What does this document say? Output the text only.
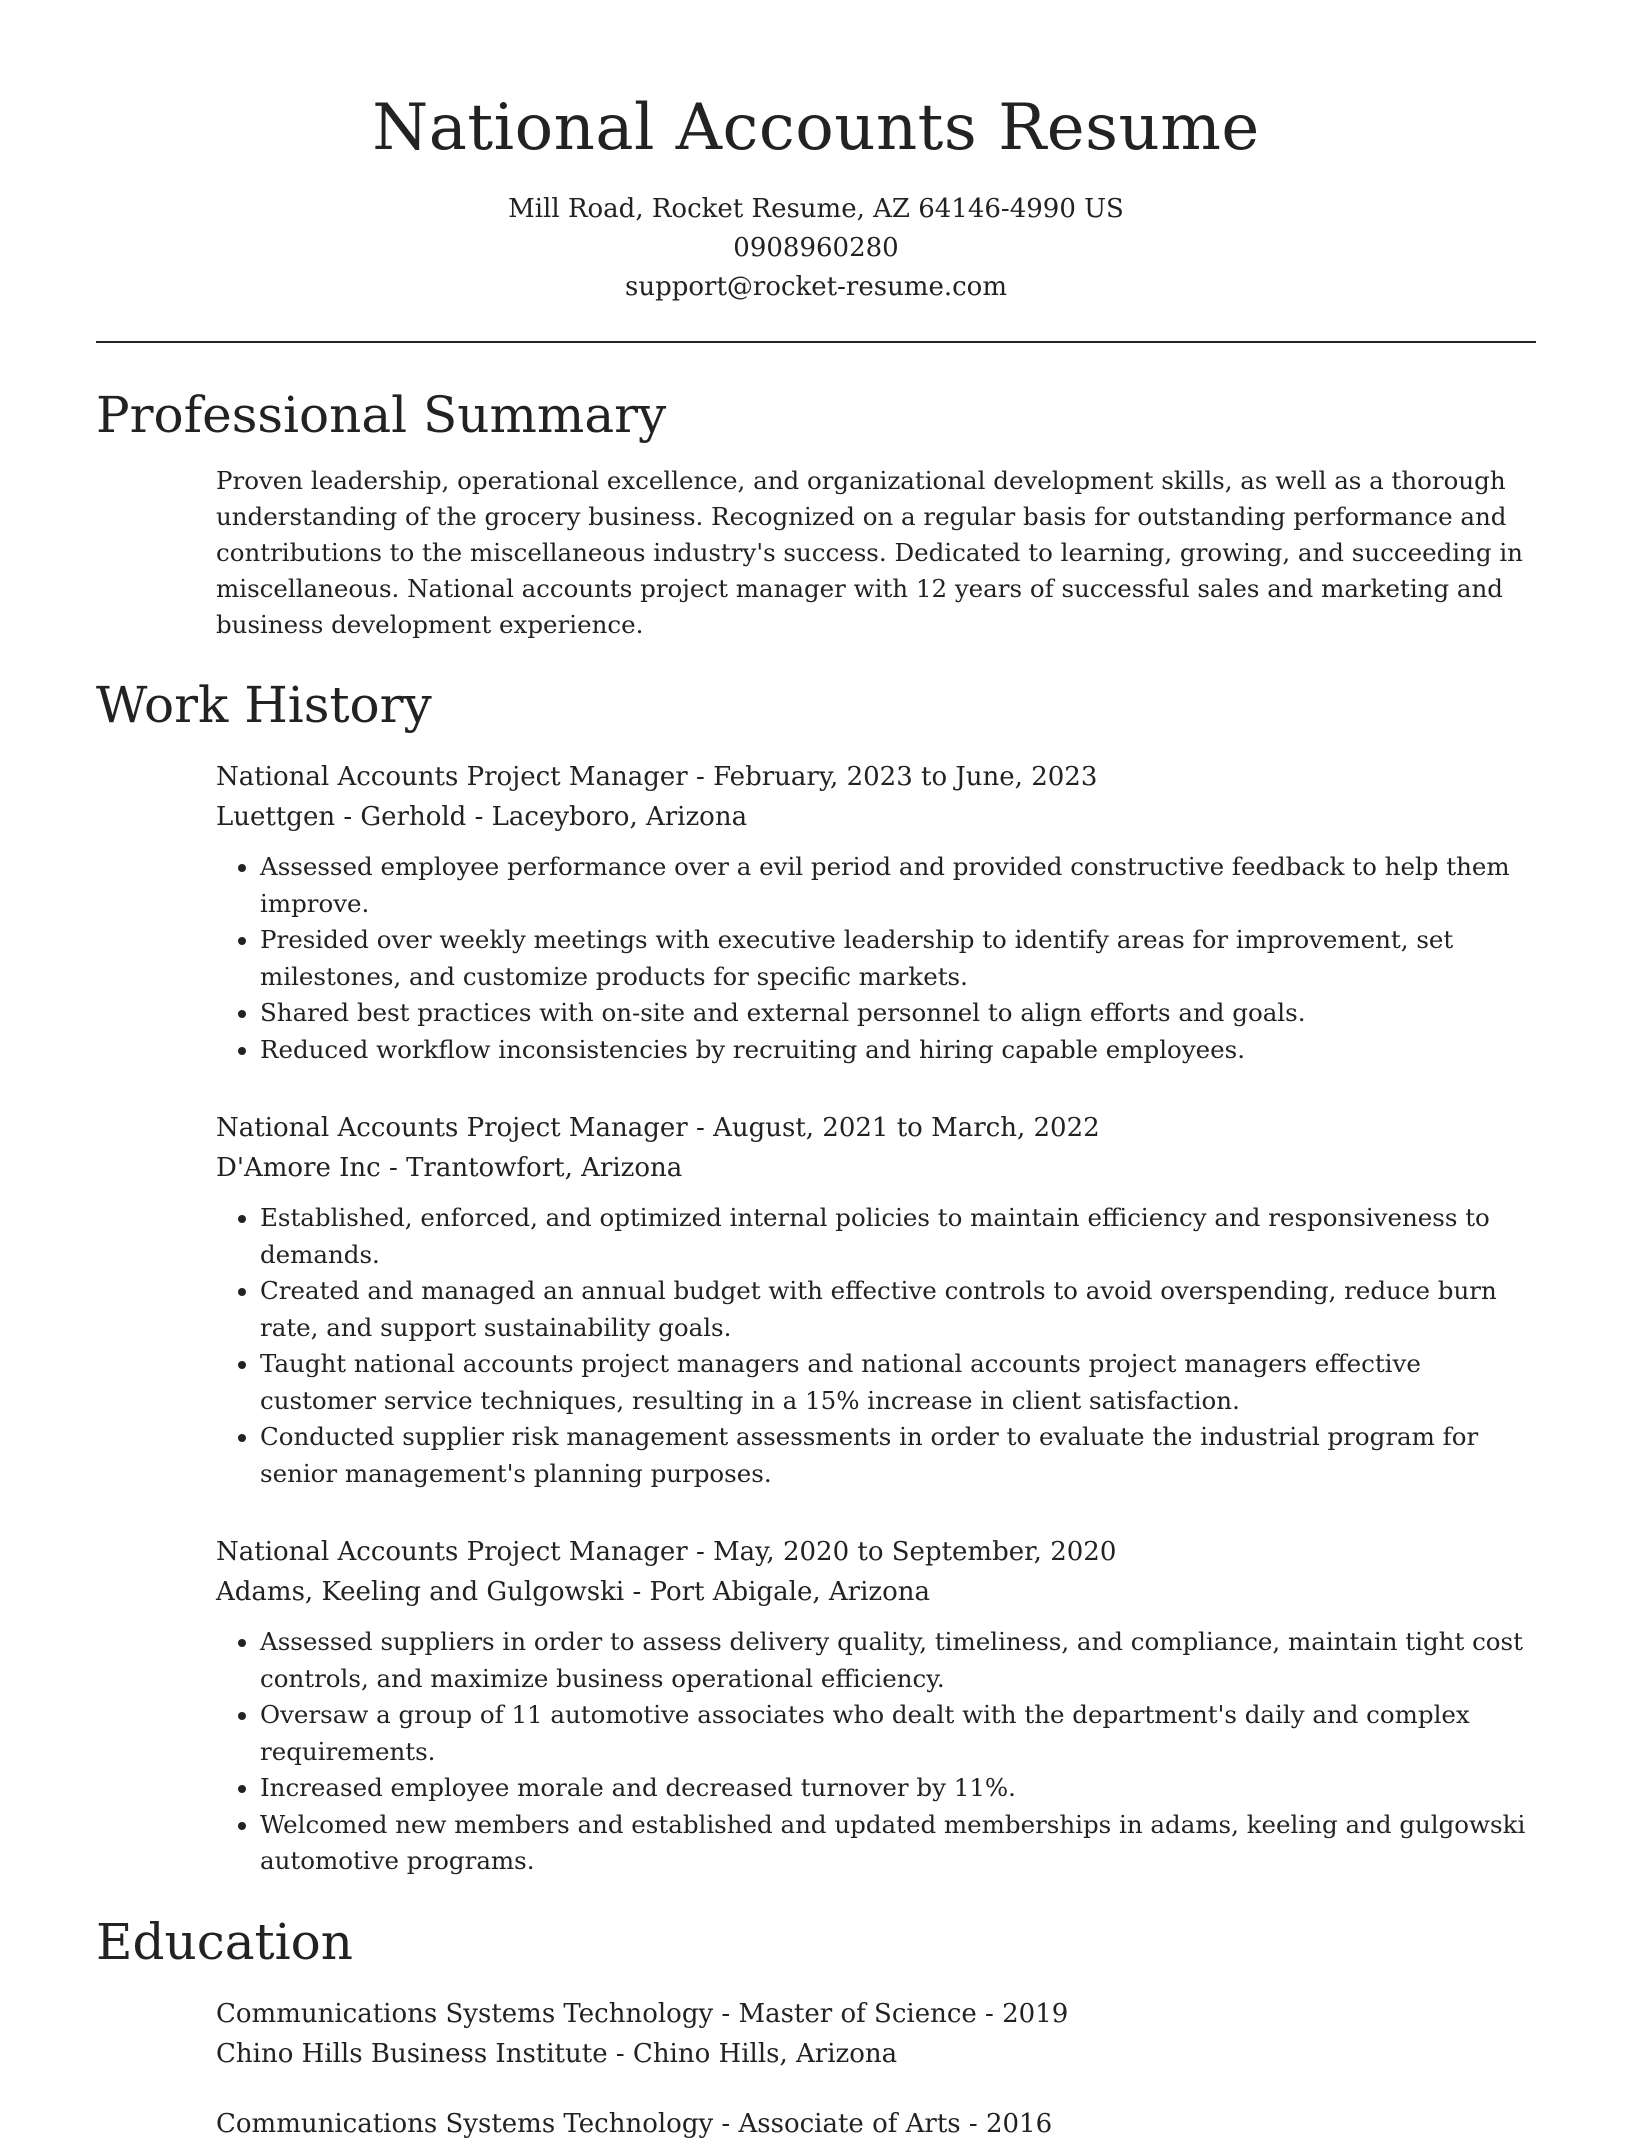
National Accounts Resume
Mill Road, Rocket Resume, AZ 64146-4990 US
0908960280
support@rocket-resume.com
Professional Summary
Proven leadership, operational excellence, and organizational development skills, as well as a thorough understanding of the grocery business. Recognized on a regular basis for outstanding performance and contributions to the miscellaneous industry's success. Dedicated to learning, growing, and succeeding in miscellaneous. National accounts project manager with 12 years of successful sales and marketing and business development experience.
Work History
National Accounts Project Manager - February, 2023 to June, 2023
Luettgen - Gerhold - Laceyboro, Arizona
• Assessed employee performance over a evil period and provided constructive feedback to help them improve.
• Presided over weekly meetings with executive leadership to identify areas for improvement, set milestones, and customize products for specific markets.
• Shared best practices with on-site and external personnel to align efforts and goals.
• Reduced workflow inconsistencies by recruiting and hiring capable employees.
National Accounts Project Manager - August, 2021 to March, 2022
D'Amore Inc - Trantowfort, Arizona
• Established, enforced, and optimized internal policies to maintain efficiency and responsiveness to demands.
• Created and managed an annual budget with effective controls to avoid overspending, reduce burn rate, and support sustainability goals.
• Taught national accounts project managers and national accounts project managers effective customer service techniques, resulting in a 15% increase in client satisfaction.
• Conducted supplier risk management assessments in order to evaluate the industrial program for senior management's planning purposes.
National Accounts Project Manager - May, 2020 to September, 2020
Adams, Keeling and Gulgowski - Port Abigale, Arizona
• Assessed suppliers in order to assess delivery quality, timeliness, and compliance, maintain tight cost controls, and maximize business operational efficiency.
• Oversaw a group of 11 automotive associates who dealt with the department's daily and complex requirements.
• Increased employee morale and decreased turnover by 11%.
• Welcomed new members and established and updated memberships in adams, keeling and gulgowski automotive programs.
Education
Communications Systems Technology - Master of Science - 2019
Chino Hills Business Institute - Chino Hills, Arizona
Communications Systems Technology - Associate of Arts - 2016
